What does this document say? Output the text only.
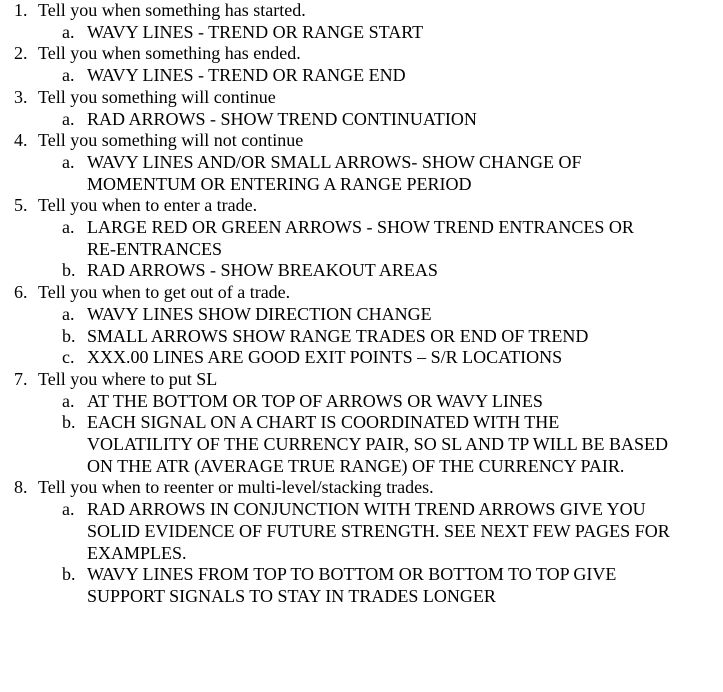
1. Tell you when something has started.
a. WAVY LINES - TREND OR RANGE START
2. Tell you when something has ended.
a. WAVY LINES - TREND OR RANGE END
3. Tell you something will continue
a. RAD ARROWS - SHOW TREND CONTINUATION
4. Tell you something will not continue
a. WAVY LINES AND/OR SMALL ARROWS- SHOW CHANGE OF
MOMENTUM OR ENTERING A RANGE PERIOD
5. Tell you when to enter a trade.
a. LARGE RED OR GREEN ARROWS - SHOW TREND ENTRANCES OR
RE-ENTRANCES
b. RAD ARROWS - SHOW BREAKOUT AREAS
6. Tell you when to get out of a trade.
a. WAVY LINES SHOW DIRECTION CHANGE
b. SMALL ARROWS SHOW RANGE TRADES OR END OF TREND
c. XXX.00 LINES ARE GOOD EXIT POINTS – S/R LOCATIONS
7. Tell you where to put SL
a. AT THE BOTTOM OR TOP OF ARROWS OR WAVY LINES
b. EACH SIGNAL ON A CHART IS COORDINATED WITH THE
VOLATILITY OF THE CURRENCY PAIR, SO SL AND TP WILL BE BASED
ON THE ATR (AVERAGE TRUE RANGE) OF THE CURRENCY PAIR.
8. Tell you when to reenter or multi-level/stacking trades.
a. RAD ARROWS IN CONJUNCTION WITH TREND ARROWS GIVE YOU
SOLID EVIDENCE OF FUTURE STRENGTH. SEE NEXT FEW PAGES FOR
EXAMPLES.
b. WAVY LINES FROM TOP TO BOTTOM OR BOTTOM TO TOP GIVE
SUPPORT SIGNALS TO STAY IN TRADES LONGER
